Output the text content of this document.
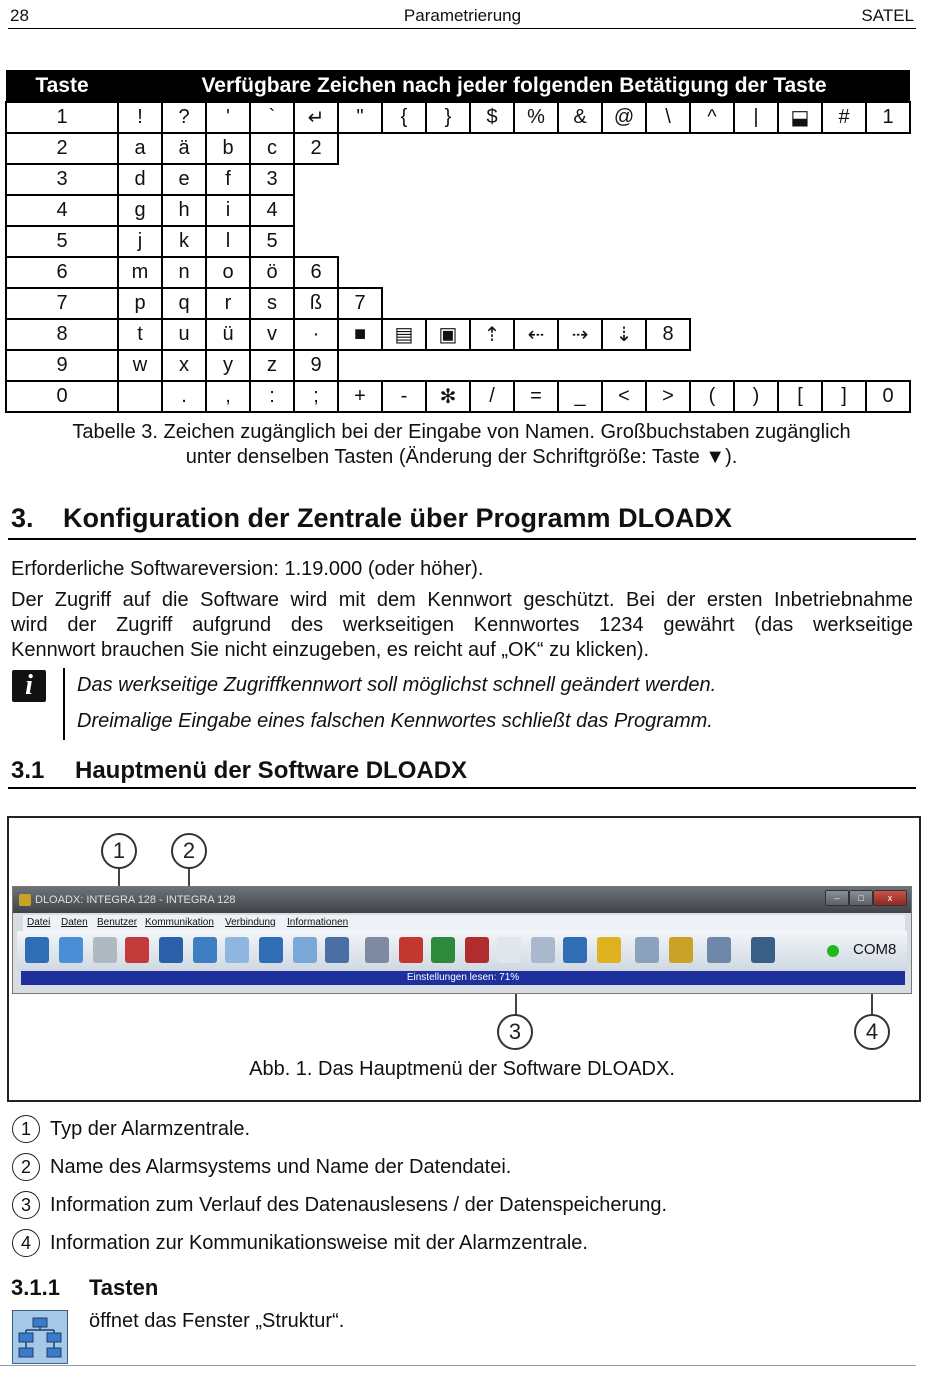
28	Parametrierung	SATEL
Taste	Verfügbare Zeichen nach jeder folgenden Betätigung der Taste																	
1	!	?	'	`	↵	"	{	}	$	%	&	@	\	^	|	⬓	#	1
2	a	ä	b	c	2													
3	d	e	f	3														
4	g	h	i	4														
5	j	k	l	5														
6	m	n	o	ö	6													
7	p	q	r	s	ß	7												
8	t	u	ü	v	·	■	▤	▣	⇡	⇠	⇢	⇣	8					
9	w	x	y	z	9													
0		.	,	:	;	+	-	✻	/	=	_	<	>	(	)	[	]	0
Tabelle 3. Zeichen zugänglich bei der Eingabe von Namen. Großbuchstaben zugänglich
unter denselben Tasten (Änderung der Schriftgröße: Taste ▼).
3. Konfiguration der Zentrale über Programm DLOADX

Erforderliche Softwareversion: 1.19.000 (oder höher).

Der Zugriff auf die Software wird mit dem Kennwort geschützt. Bei der ersten Inbetriebnahme

wird der Zugriff aufgrund des werkseitigen Kennwortes 1234 gewährt (das werkseitige

Kennwort brauchen Sie nicht einzugeben, es reicht auf „OK“ zu klicken).

i	Das werkseitige Zugriffkennwort soll möglichst schnell geändert werden.
Dreimalige Eingabe eines falschen Kennwortes schließt das Programm.
3.1 Hauptmenü der Software DLOADX
DLOADX: INTEGRA 128 - INTEGRA 128	–	□	x
Datei Daten Benutzer Kommunikation Verbindung Informationen
COM8
Einstellungen lesen: 71%
1	2
3	4
Abb. 1. Das Hauptmenü der Software DLOADX.
1 Typ der Alarmzentrale.
2 Name des Alarmsystems und Name der Datendatei.
3 Information zum Verlauf des Datenauslesens / der Datenspeicherung.
4 Information zur Kommunikationsweise mit der Alarmzentrale.
3.1.1 Tasten
öffnet das Fenster „Struktur“.
